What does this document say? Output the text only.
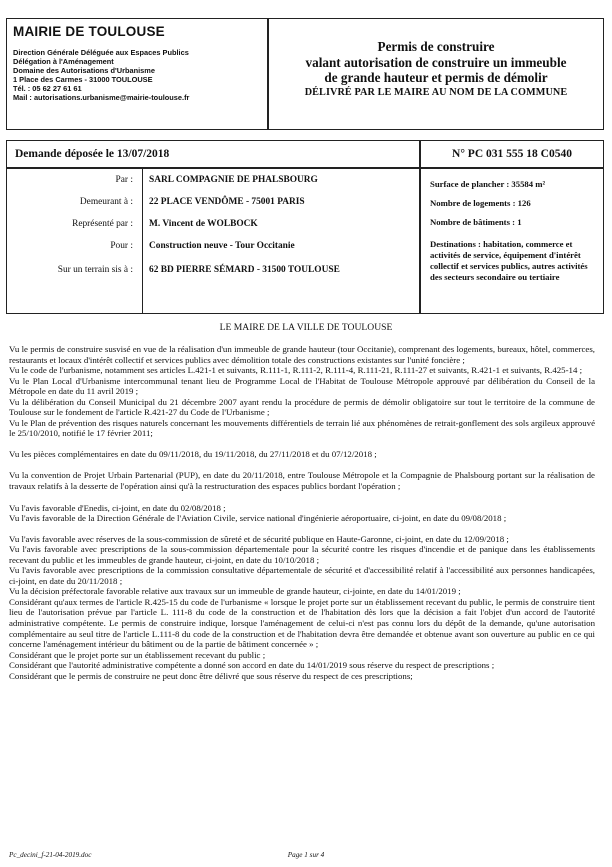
MAIRIE DE TOULOUSE
Direction Générale Déléguée aux Espaces Publics
Délégation à l'Aménagement
Domaine des Autorisations d'Urbanisme
1 Place des Carmes - 31000 TOULOUSE
Tél. : 05 62 27 61 61
Mail : autorisations.urbanisme@mairie-toulouse.fr
Permis de construire
valant autorisation de construire un immeuble
de grande hauteur et permis de démolir
DÉLIVRÉ PAR LE MAIRE AU NOM DE LA COMMUNE
Demande déposée le 13/07/2018	N° PC 031 555 18 C0540
Par : SARL COMPAGNIE DE PHALSBOURG
Demeurant à : 22 PLACE VENDÔME - 75001 PARIS
Représenté par : M. Vincent de WOLBOCK
Pour : Construction neuve - Tour Occitanie
Sur un terrain sis à : 62 BD PIERRE SÉMARD - 31500 TOULOUSE

Surface de plancher : 35584 m²

Nombre de logements : 126

Nombre de bâtiments : 1

Destinations : habitation, commerce et activités de service, équipement d'intérêt collectif et services publics, autres activités des secteurs secondaire ou tertiaire

LE MAIRE DE LA VILLE DE TOULOUSE

Vu le permis de construire susvisé en vue de la réalisation d'un immeuble de grande hauteur (tour Occitanie), comprenant des logements, bureaux, hôtel, commerces, restaurants et locaux d'intérêt collectif et services publics avec démolition totale des constructions existantes sur l'unité foncière ;

Vu le code de l'urbanisme, notamment ses articles L.421-1 et suivants, R.111-1, R.111-2, R.111-4, R.111-21, R.111-27 et suivants, R.421-1 et suivants, R.425-14 ;

Vu le Plan Local d'Urbanisme intercommunal tenant lieu de Programme Local de l'Habitat de Toulouse Métropole approuvé par délibération du Conseil de la Métropole en date du 11 avril 2019 ;

Vu la délibération du Conseil Municipal du 21 décembre 2007 ayant rendu la procédure de permis de démolir obligatoire sur tout le territoire de la commune de Toulouse sur le fondement de l'article R.421-27 du Code de l'Urbanisme ;

Vu le Plan de prévention des risques naturels concernant les mouvements différentiels de terrain lié aux phénomènes de retrait-gonflement des sols argileux approuvé le 25/10/2010, notifié le 17 février 2011;

Vu les pièces complémentaires en date du 09/11/2018, du 19/11/2018, du 27/11/2018 et du 07/12/2018 ;

Vu la convention de Projet Urbain Partenarial (PUP), en date du 20/11/2018, entre Toulouse Métropole et la Compagnie de Phalsbourg portant sur la réalisation de travaux relatifs à la desserte de l'opération ainsi qu'à la restructuration des espaces publics bordant l'opération ;

Vu l'avis favorable d'Enedis, ci-joint, en date du 02/08/2018 ;

Vu l'avis favorable de la Direction Générale de l'Aviation Civile, service national d'ingénierie aéroportuaire, ci-joint, en date du 09/08/2018 ;

Vu l'avis favorable avec réserves de la sous-commission de sûreté et de sécurité publique en Haute-Garonne, ci-joint, en date du 12/09/2018 ;

Vu l'avis favorable avec prescriptions de la sous-commission départementale pour la sécurité contre les risques d'incendie et de panique dans les établissements recevant du public et les immeubles de grande hauteur, ci-joint, en date du 10/10/2018 ;

Vu l'avis favorable avec prescriptions de la commission consultative départementale de sécurité et d'accessibilité relatif à l'accessibilité aux personnes handicapées, ci-joint, en date du 20/11/2018 ;

Vu la décision préfectorale favorable relative aux travaux sur un immeuble de grande hauteur, ci-jointe, en date du 14/01/2019 ;

Considérant qu'aux termes de l'article R.425-15 du code de l'urbanisme « lorsque le projet porte sur un établissement recevant du public, le permis de construire tient lieu de l'autorisation prévue par l'article L. 111-8 du code de la construction et de l'habitation dès lors que la décision a fait l'objet d'un accord de l'autorité administrative compétente. Le permis de construire indique, lorsque l'aménagement de celui-ci n'est pas connu lors du dépôt de la demande, qu'une autorisation complémentaire au seul titre de l'article L.111-8 du code de la construction et de l'habitation devra être demandée et obtenue avant son ouverture au public en ce qui concerne l'aménagement intérieur du bâtiment ou de la partie de bâtiment concernée » ;

Considérant que le projet porte sur un établissement recevant du public ;

Considérant que l'autorité administrative compétente a donné son accord en date du 14/01/2019 sous réserve du respect de prescriptions ;

Considérant que le permis de construire ne peut donc être délivré que sous réserve du respect de ces prescriptions;

Pc_decini_f-21-04-2019.doc	Page 1 sur 4
